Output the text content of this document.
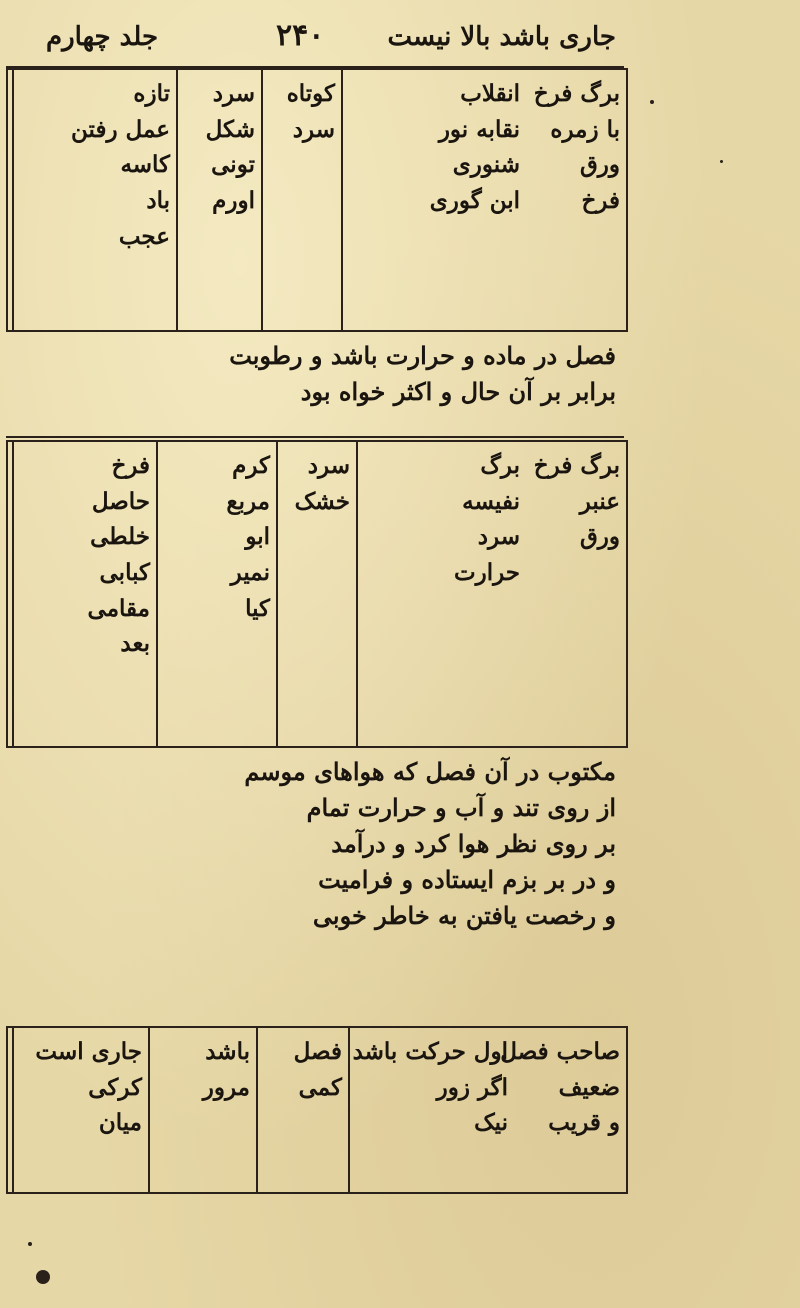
جاری باشد بالا نیست
۲۴۰
جلد چهارم
برگ فرخ
با زمره
ورق
فرخ
انقلاب
نقابه نور
شنوری
ابن گوری
کوتاه
سرد
سرد
شکل
تونی
اورم
تازه
عمل رفتن
کاسه
باد
عجب
فصل در ماده و حرارت باشد و رطوبت
برابر بر آن حال و اکثر خواه بود
برگ فرخ
عنبر
ورق
برگ
نفیسه
سرد
حرارت
سرد
خشک
کرم
مربع
ابو
نمیر
کیا
فرخ
حاصل
خلطی
کبابی
مقامی
بعد
مکتوب در آن فصل که هواهای موسم
از روی تند و آب و حرارت تمام
بر روی نظر هوا کرد و درآمد
و در بر بزم ایستاده و فرامیت
و رخصت یافتن به خاطر خوبی
صاحب فصل
ضعیف
و قریب
اول حرکت باشد
اگر زور
نیک
فصل
کمی
باشد
مرور
جاری است
کرکی
میان
